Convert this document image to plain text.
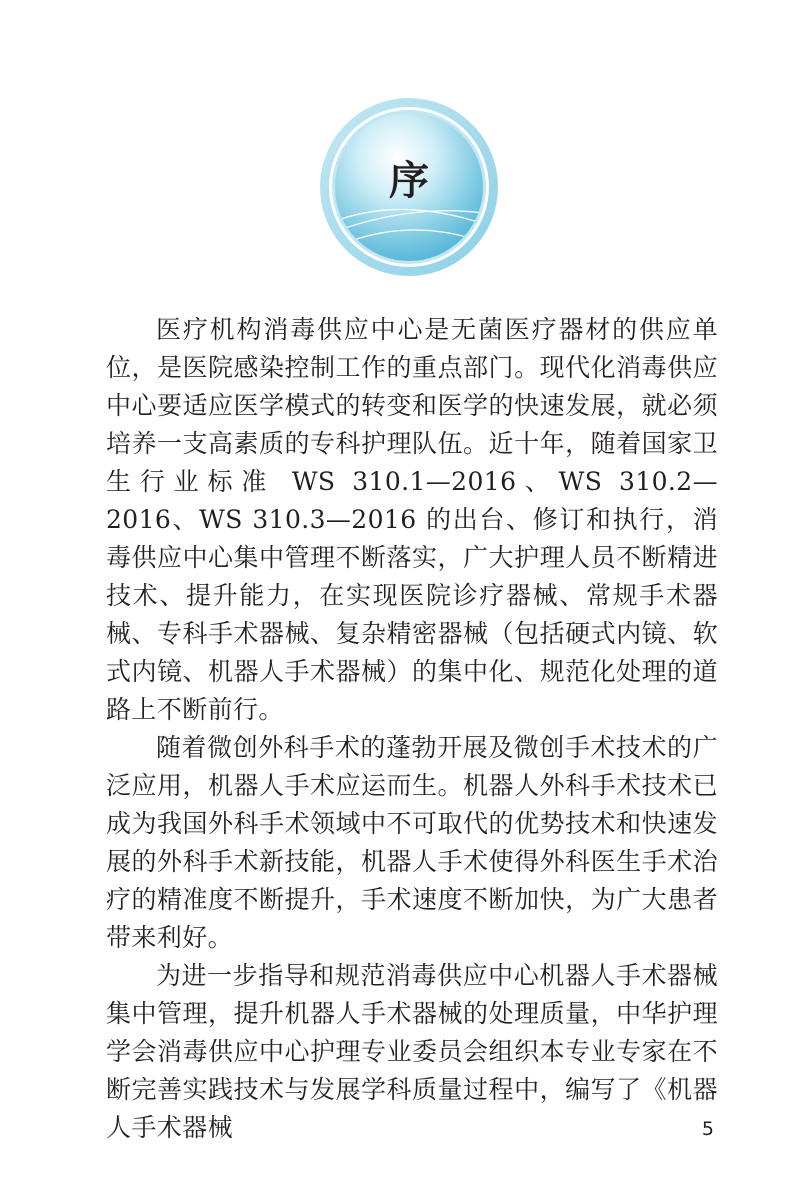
序

医疗机构消毒供应中心是无菌医疗器材的供应单位，是医院感染控制工作的重点部门。现代化消毒供应中心要适应医学模式的转变和医学的快速发展，就必须培养一支高素质的专科护理队伍。近十年，随着国家卫生行业标准 WS 310.1—2016、WS 310.2—2016、WS 310.3—2016 的出台、修订和执行，消毒供应中心集中管理不断落实，广大护理人员不断精进技术、提升能力，在实现医院诊疗器械、常规手术器械、专科手术器械、复杂精密器械（包括硬式内镜、软式内镜、机器人手术器械）的集中化、规范化处理的道路上不断前行。

随着微创外科手术的蓬勃开展及微创手术技术的广泛应用，机器人手术应运而生。机器人外科手术技术已成为我国外科手术领域中不可取代的优势技术和快速发展的外科手术新技能，机器人手术使得外科医生手术治疗的精准度不断提升，手术速度不断加快，为广大患者带来利好。

为进一步指导和规范消毒供应中心机器人手术器械集中管理，提升机器人手术器械的处理质量，中华护理学会消毒供应中心护理专业委员会组织本专业专家在不断完善实践技术与发展学科质量过程中，编写了《机器人手术器械	5
